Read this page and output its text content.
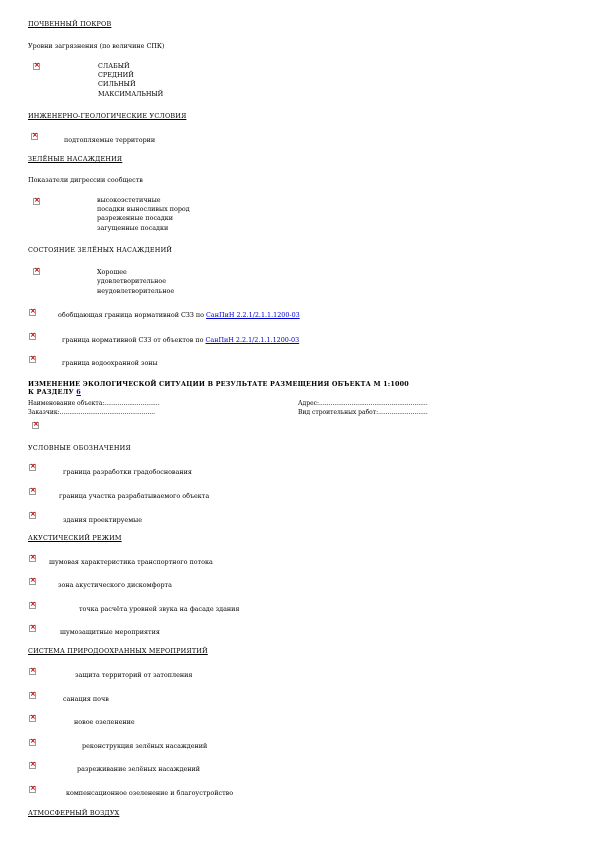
ПОЧВЕННЫЙ ПОКРОВ
Уровни загрязнения (по величине СПК)
×
СЛАБЫЙ
СРЕДНИЙ
СИЛЬНЫЙ
МАКСИМАЛЬНЫЙ
ИНЖЕНЕРНО-ГЕОЛОГИЧЕСКИЕ УСЛОВИЯ
×
подтопляемые территории
ЗЕЛЁНЫЕ НАСАЖДЕНИЯ
Показатели дигрессии сообществ
×
высокоэстетичные
посадки выносливых пород
разреженные посадки
загущенные посадки
СОСТОЯНИЕ ЗЕЛЁНЫХ НАСАЖДЕНИЙ
×
Хорошее
удовлетворительное
неудовлетворительное
×
обобщающая граница нормативной СЗЗ по СанПиН 2.2.1/2.1.1.1200-03
×
граница нормативной СЗЗ от объектов по СанПиН 2.2.1/2.1.1.1200-03
×
граница водоохранной зоны
ИЗМЕНЕНИЕ ЭКОЛОГИЧЕСКОЙ СИТУАЦИИ В РЕЗУЛЬТАТЕ РАЗМЕЩЕНИЯ ОБЪЕКТА М 1:1000
К РАЗДЕЛУ 6
Наименование объекта:.............................
Заказчик:..................................................
Адрес:.........................................................
Вид строительных работ:..........................
×
УСЛОВНЫЕ ОБОЗНАЧЕНИЯ
×
граница разработки градобоснования
×
граница участка разрабатываемого объекта
×
здания проектируемые
АКУСТИЧЕСКИЙ РЕЖИМ
×
шумовая характеристика транспортного потока
×
зона акустического дискомфорта
×
точка расчёта уровней звука на фасаде здания
×
шумозащитные мероприятия
СИСТЕМА ПРИРОДООХРАННЫХ МЕРОПРИЯТИЙ
×
защита территорий от затопления
×
санация почв
×
новое озеленение
×
реконструкция зелёных насаждений
×
разреживание зелёных насаждений
×
компенсационное озеленение и благоустройство
АТМОСФЕРНЫЙ ВОЗДУХ
